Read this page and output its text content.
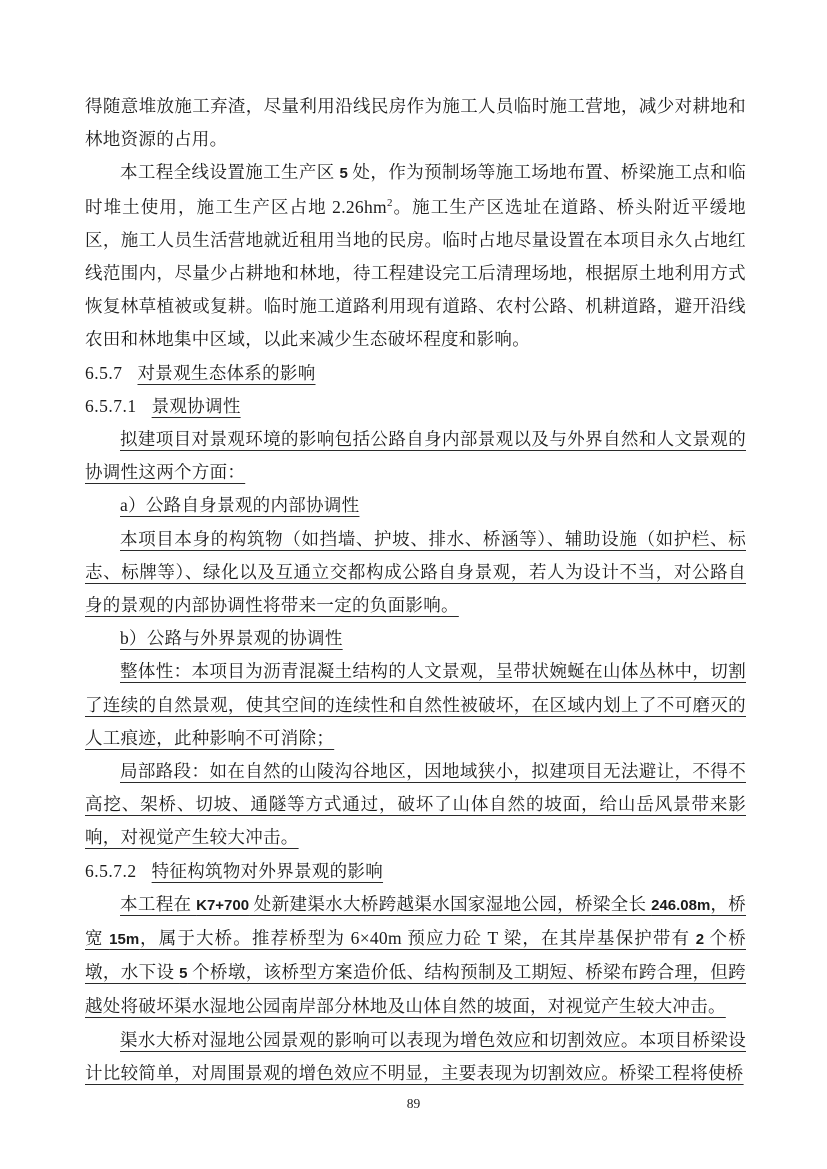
得随意堆放施工弃渣，尽量利用沿线民房作为施工人员临时施工营地，减少对耕地和林地资源的占用。

本工程全线设置施工生产区 5 处，作为预制场等施工场地布置、桥梁施工点和临时堆土使用，施工生产区占地 $2.26hm^2$。施工生产区选址在道路、桥头附近平缓地区，施工人员生活营地就近租用当地的民房。临时占地尽量设置在本项目永久占地红线范围内，尽量少占耕地和林地，待工程建设完工后清理场地，根据原土地利用方式恢复林草植被或复耕。临时施工道路利用现有道路、农村公路、机耕道路，避开沿线农田和林地集中区域，以此来减少生态破坏程度和影响。

6.5.7 对景观生态体系的影响

6.5.7.1 景观协调性

拟建项目对景观环境的影响包括公路自身内部景观以及与外界自然和人文景观的协调性这两个方面：

a）公路自身景观的内部协调性

本项目本身的构筑物（如挡墙、护坡、排水、桥涵等）、辅助设施（如护栏、标志、标牌等）、绿化以及互通立交都构成公路自身景观，若人为设计不当，对公路自身的景观的内部协调性将带来一定的负面影响。

b）公路与外界景观的协调性

整体性：本项目为沥青混凝土结构的人文景观，呈带状婉蜒在山体丛林中，切割了连续的自然景观，使其空间的连续性和自然性被破坏，在区域内划上了不可磨灭的人工痕迹，此种影响不可消除；

局部路段：如在自然的山陵沟谷地区，因地域狭小，拟建项目无法避让，不得不高挖、架桥、切坡、通隧等方式通过，破坏了山体自然的坡面，给山岳风景带来影响，对视觉产生较大冲击。

6.5.7.2 特征构筑物对外界景观的影响

本工程在 K7+700 处新建渠水大桥跨越渠水国家湿地公园，桥梁全长 246.08m，桥宽 15m，属于大桥。推荐桥型为 6×40m 预应力砼 T 梁，在其岸基保护带有 2 个桥墩，水下设 5 个桥墩，该桥型方案造价低、结构预制及工期短、桥梁布跨合理，但跨越处将破坏渠水湿地公园南岸部分林地及山体自然的坡面，对视觉产生较大冲击。

渠水大桥对湿地公园景观的影响可以表现为增色效应和切割效应。本项目桥梁设计比较简单，对周围景观的增色效应不明显，主要表现为切割效应。桥梁工程将使桥

89
